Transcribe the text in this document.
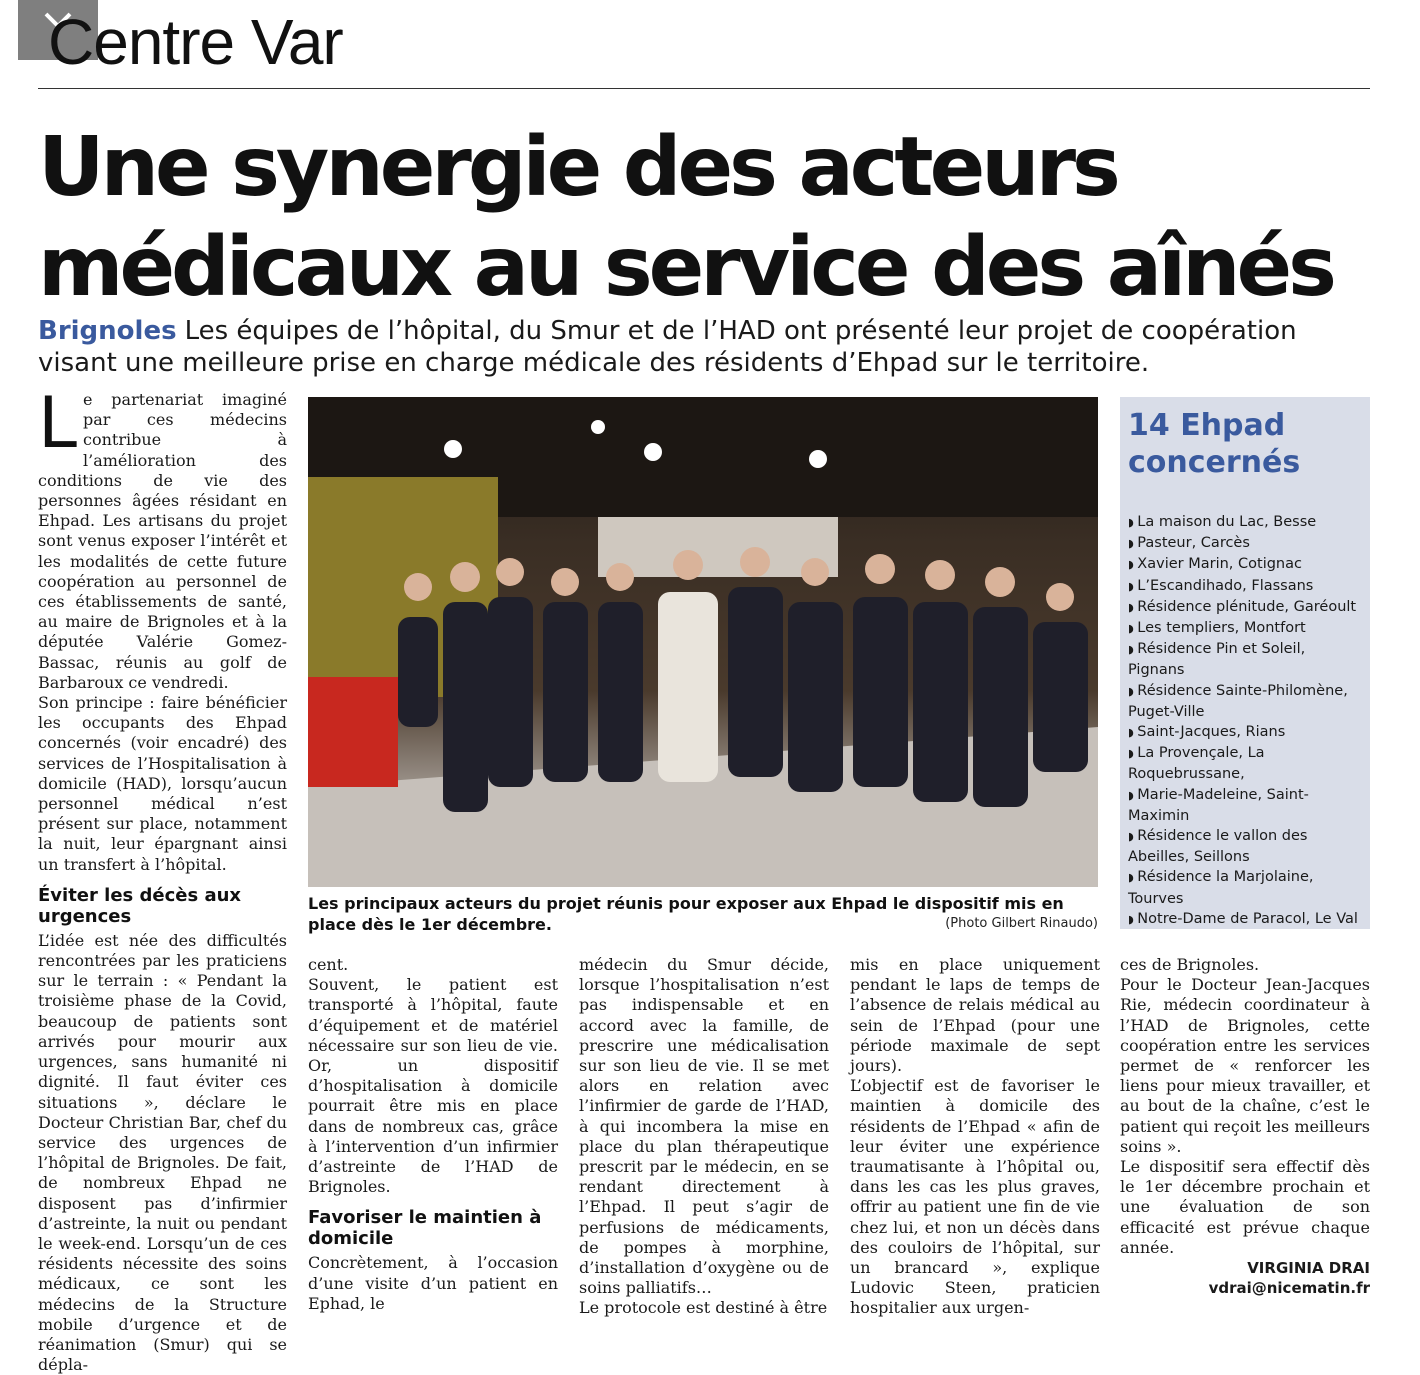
Centre Var
Une synergie des acteurs
médicaux au service des aînés
Brignoles Les équipes de l’hôpital, du Smur et de l’HAD ont présenté leur projet de coopération visant une meilleure prise en charge médicale des résidents d’Ehpad sur le territoire.
L e partenariat imaginé par ces médecins contribue à l’amélioration des conditions de vie des personnes âgées résidant en Ehpad. Les artisans du projet sont venus exposer l’intérêt et les modalités de cette future coopération au personnel de ces établissements de santé, au maire de Brignoles et à la députée Valérie Gomez-Bassac, réunis au golf de Barbaroux ce vendredi.

Son principe : faire bénéficier les occupants des Ehpad concernés (voir encadré) des services de l’Hospitalisation à domicile (HAD), lorsqu’aucun personnel médical n’est présent sur place, notamment la nuit, leur épargnant ainsi un transfert à l’hôpital.

Éviter les décès aux urgences

L’idée est née des difficultés rencontrées par les praticiens sur le terrain : « Pendant la troisième phase de la Covid, beaucoup de patients sont arrivés pour mourir aux urgences, sans humanité ni dignité. Il faut éviter ces situations », déclare le Docteur Christian Bar, chef du service des urgences de l’hôpital de Brignoles. De fait, de nombreux Ehpad ne disposent pas d’infirmier d’astreinte, la nuit ou pendant le week-end. Lorsqu’un de ces résidents nécessite des soins médicaux, ce sont les médecins de la Structure mobile d’urgence et de réanimation (Smur) qui se dépla-

Les principaux acteurs du projet réunis pour exposer aux Ehpad le dispositif mis en place dès le 1er décembre.	(Photo Gilbert Rinaudo)
14 Ehpad concernés
◗ La maison du Lac, Besse
◗ Pasteur, Carcès
◗ Xavier Marin, Cotignac
◗ L’Escandihado, Flassans
◗ Résidence plénitude, Garéoult
◗ Les templiers, Montfort
◗ Résidence Pin et Soleil, Pignans
◗ Résidence Sainte-Philomène, Puget-Ville
◗ Saint-Jacques, Rians
◗ La Provençale, La Roquebrussane,
◗ Marie-Madeleine, Saint-Maximin
◗ Résidence le vallon des Abeilles, Seillons
◗ Résidence la Marjolaine, Tourves
◗ Notre-Dame de Paracol, Le Val

cent.

Souvent, le patient est transporté à l’hôpital, faute d’équipement et de matériel nécessaire sur son lieu de vie. Or, un dispositif d’hospitalisation à domicile pourrait être mis en place dans de nombreux cas, grâce à l’intervention d’un infirmier d’astreinte de l’HAD de Brignoles.

Favoriser le maintien à domicile

Concrètement, à l’occasion d’une visite d’un patient en Ephad, le

médecin du Smur décide, lorsque l’hospitalisation n’est pas indispensable et en accord avec la famille, de prescrire une médicalisation sur son lieu de vie. Il se met alors en relation avec l’infirmier de garde de l’HAD, à qui incombera la mise en place du plan thérapeutique prescrit par le médecin, en se rendant directement à l’Ehpad. Il peut s’agir de perfusions de médicaments, de pompes à morphine, d’installation d’oxygène ou de soins palliatifs…

Le protocole est destiné à être

mis en place uniquement pendant le laps de temps de l’absence de relais médical au sein de l’Ehpad (pour une période maximale de sept jours).

L’objectif est de favoriser le maintien à domicile des résidents de l’Ehpad « afin de leur éviter une expérience traumatisante à l’hôpital ou, dans les cas les plus graves, offrir au patient une fin de vie chez lui, et non un décès dans des couloirs de l’hôpital, sur un brancard », explique Ludovic Steen, praticien hospitalier aux urgen-

ces de Brignoles.

Pour le Docteur Jean-Jacques Rie, médecin coordinateur à l’HAD de Brignoles, cette coopération entre les services permet de « renforcer les liens pour mieux travailler, et au bout de la chaîne, c’est le patient qui reçoit les meilleurs soins ».

Le dispositif sera effectif dès le 1er décembre prochain et une évaluation de son efficacité est prévue chaque année.

VIRGINIA DRAI

vdrai@nicematin.fr
